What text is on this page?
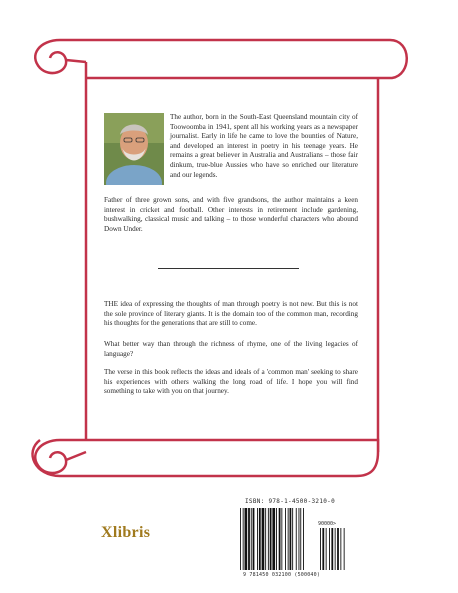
The author, born in the South-East Queensland mountain city of Toowoomba in 1941, spent all his working years as a newspaper journalist. Early in life he came to love the bounties of Nature, and developed an interest in poetry in his teenage years. He remains a great believer in Australia and Australians – those fair dinkum, true-blue Aussies who have so enriched our literature and our legends.

Father of three grown sons, and with five grandsons, the author maintains a keen interest in cricket and football. Other interests in retirement include gardening, bushwalking, classical music and talking – to those wonderful characters who abound Down Under.

THE idea of expressing the thoughts of man through poetry is not new. But this is not the sole province of literary giants. It is the domain too of the common man, recording his thoughts for the generations that are still to come.

What better way than through the richness of rhyme, one of the living legacies of language?

The verse in this book reflects the ideas and ideals of a 'common man' seeking to share his experiences with others walking the long road of life. I hope you will find something to take with you on that journey.

Xlibris
ISBN: 978-1-4500-3210-0
90000>
9 781450 032100 (500040)
